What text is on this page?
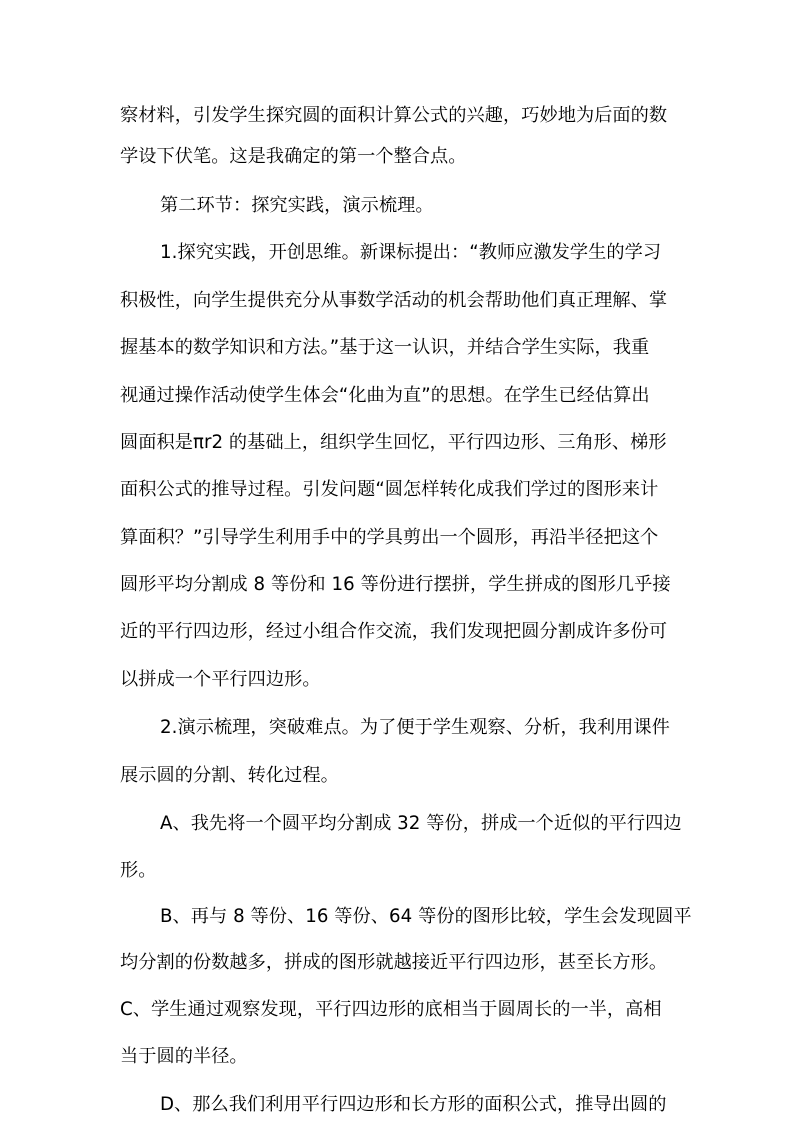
察材料，引发学生探究圆的面积计算公式的兴趣，巧妙地为后面的数
学设下伏笔。这是我确定的第一个整合点。
第二环节：探究实践，演示梳理。
1.探究实践，开创思维。新课标提出：“教师应激发学生的学习
积极性，向学生提供充分从事数学活动的机会帮助他们真正理解、掌
握基本的数学知识和方法。”基于这一认识，并结合学生实际，我重
视通过操作活动使学生体会“化曲为直”的思想。在学生已经估算出
圆面积是πr2 的基础上，组织学生回忆，平行四边形、三角形、梯形
面积公式的推导过程。引发问题“圆怎样转化成我们学过的图形来计
算面积？”引导学生利用手中的学具剪出一个圆形，再沿半径把这个
圆形平均分割成 8 等份和 16 等份进行摆拼，学生拼成的图形几乎接
近的平行四边形，经过小组合作交流，我们发现把圆分割成许多份可
以拼成一个平行四边形。
2.演示梳理，突破难点。为了便于学生观察、分析，我利用课件
展示圆的分割、转化过程。
A、我先将一个圆平均分割成 32 等份，拼成一个近似的平行四边
形。
B、再与 8 等份、16 等份、64 等份的图形比较，学生会发现圆平
均分割的份数越多，拼成的图形就越接近平行四边形，甚至长方形。
C、学生通过观察发现，平行四边形的底相当于圆周长的一半，高相
当于圆的半径。
D、那么我们利用平行四边形和长方形的面积公式，推导出圆的
